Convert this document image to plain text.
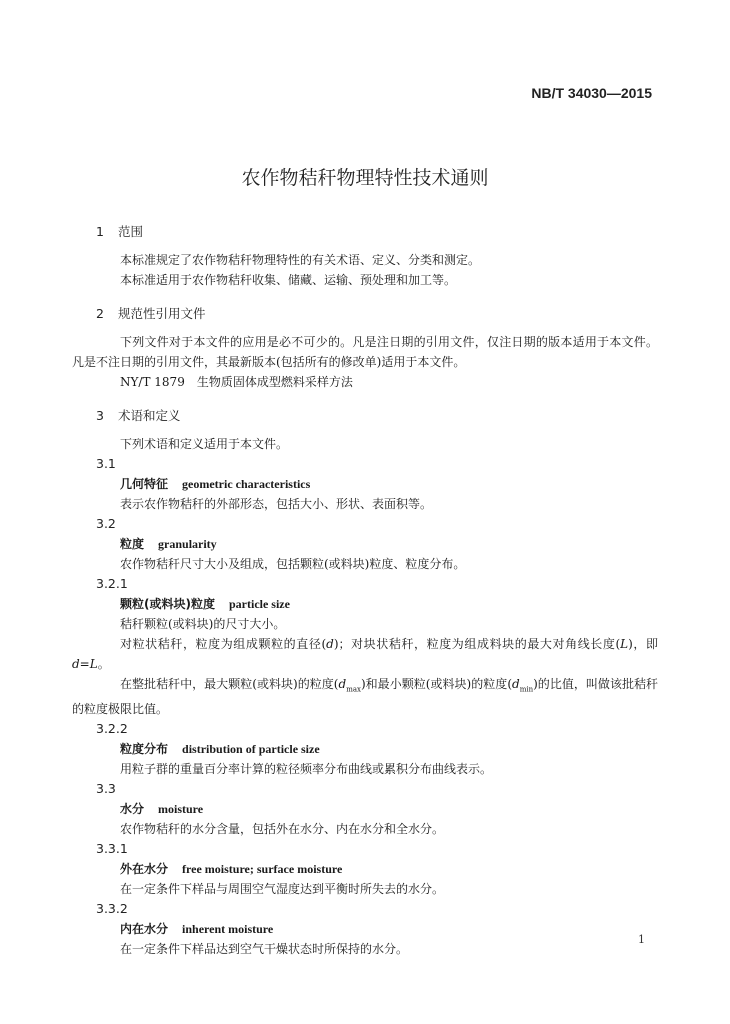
NB/T 34030—2015
农作物秸秆物理特性技术通则
1 范围

本标准规定了农作物秸秆物理特性的有关术语、定义、分类和测定。

本标准适用于农作物秸秆收集、储藏、运输、预处理和加工等。

2 规范性引用文件

下列文件对于本文件的应用是必不可少的。凡是注日期的引用文件，仅注日期的版本适用于本文件。凡是不注日期的引用文件，其最新版本(包括所有的修改单)适用于本文件。

NY/T 1879　生物质固体成型燃料采样方法

3 术语和定义

下列术语和定义适用于本文件。

3.1
几何特征 geometric characteristics
表示农作物秸秆的外部形态，包括大小、形状、表面积等。
3.2
粒度 granularity
农作物秸秆尺寸大小及组成，包括颗粒(或料块)粒度、粒度分布。
3.2.1
颗粒(或料块)粒度 particle size
秸秆颗粒(或料块)的尺寸大小。

对粒状秸秆，粒度为组成颗粒的直径(d)；对块状秸秆，粒度为组成料块的最大对角线长度(L)，即d=L。

在整批秸秆中，最大颗粒(或料块)的粒度$(d_{max})$和最小颗粒(或料块)的粒度$(d_{min})$的比值，叫做该批秸秆的粒度极限比值。

3.2.2
粒度分布 distribution of particle size
用粒子群的重量百分率计算的粒径频率分布曲线或累积分布曲线表示。
3.3
水分 moisture
农作物秸秆的水分含量，包括外在水分、内在水分和全水分。
3.3.1
外在水分 free moisture; surface moisture
在一定条件下样品与周围空气湿度达到平衡时所失去的水分。
3.3.2
内在水分 inherent moisture
在一定条件下样品达到空气干燥状态时所保持的水分。
1
